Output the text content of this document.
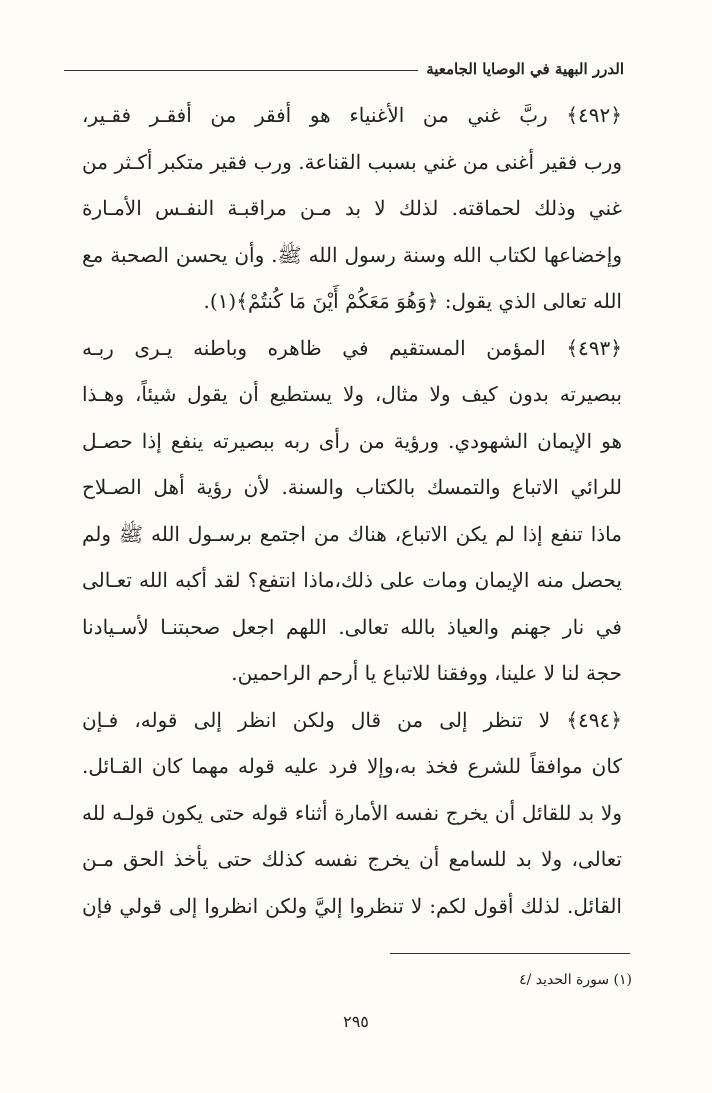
الدرر البهية في الوصايا الجامعية
﴿٤٩٢﴾ ربَّ غني من الأغنياء هو أفقر من أفقـر فقـير،
ورب فقير أغنى من غني بسبب القناعة. ورب فقير متكبر أكـثر من
غني وذلك لحماقته. لذلك لا بد مـن مراقبـة النفـس الأمـارة
وإخضاعها لكتاب الله وسنة رسول الله ﷺ. وأن يحسن الصحبة مع
الله تعالى الذي يقول: ﴿وَهُوَ مَعَكُمْ أَيْنَ مَا كُنتُمْ﴾(١).
﴿٤٩٣﴾ المؤمن المستقيم في ظاهره وباطنه يـرى ربـه
ببصيرته بدون كيف ولا مثال، ولا يستطيع أن يقول شيئاً، وهـذا
هو الإيمان الشهودي. ورؤية من رأى ربه ببصيرته ينفع إذا حصـل
للرائي الاتباع والتمسك بالكتاب والسنة. لأن رؤية أهل الصـلاح
ماذا تنفع إذا لم يكن الاتباع، هناك من اجتمع برسـول الله ﷺ ولم
يحصل منه الإيمان ومات على ذلك،ماذا انتفع؟ لقد أكبه الله تعـالى
في نار جهنم والعياذ بالله تعالى. اللهم اجعل صحبتنـا لأسـيادنا
حجة لنا لا علينا، ووفقنا للاتباع يا أرحم الراحمين.
﴿٤٩٤﴾ لا تنظر إلى من قال ولكن انظر إلى قوله، فـإن
كان موافقاً للشرع فخذ به،وإلا فرد عليه قوله مهما كان القـائل.
ولا بد للقائل أن يخرج نفسه الأمارة أثناء قوله حتى يكون قولـه لله
تعالى، ولا بد للسامع أن يخرج نفسه كذلك حتى يأخذ الحق مـن
القائل. لذلك أقول لكم: لا تنظروا إليَّ ولكن انظروا إلى قولي فإن
(١) سورة الحديد /٤
٢٩٥
